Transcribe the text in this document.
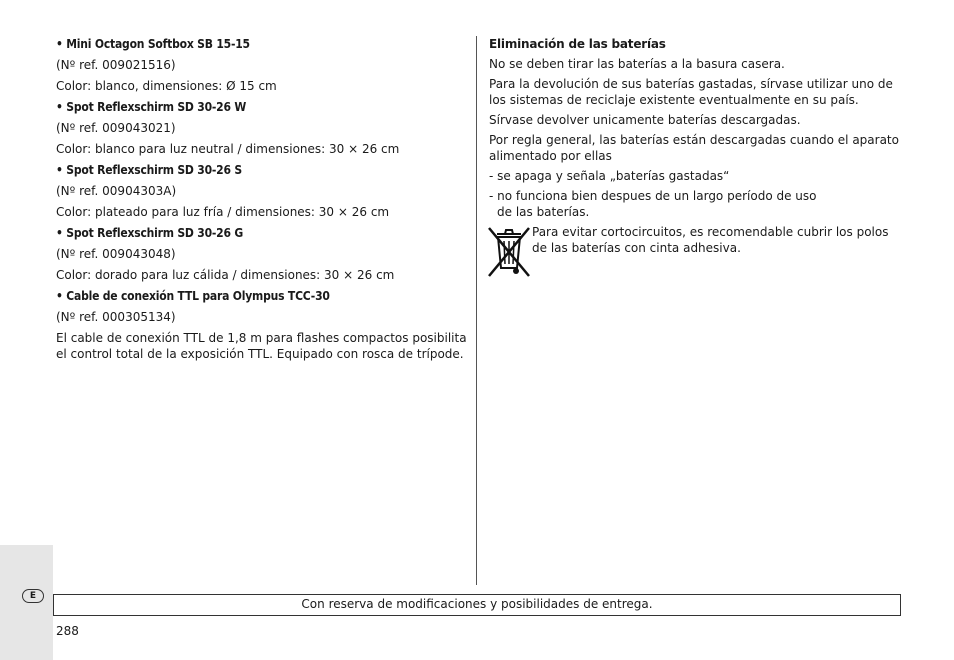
• Mini Octagon Softbox SB 15-15

(Nº ref. 009021516)

Color: blanco, dimensiones: Ø 15 cm

• Spot Reflexschirm SD 30-26 W

(Nº ref. 009043021)

Color: blanco para luz neutral / dimensiones: 30 × 26 cm

• Spot Reflexschirm SD 30-26 S

(Nº ref. 00904303A)

Color: plateado para luz fría / dimensiones: 30 × 26 cm

• Spot Reflexschirm SD 30-26 G

(Nº ref. 009043048)

Color: dorado para luz cálida / dimensiones: 30 × 26 cm

• Cable de conexión TTL para Olympus TCC-30

(Nº ref. 000305134)

El cable de conexión TTL de 1,8 m para flashes compactos posibilita

el control total de la exposición TTL. Equipado con rosca de trípode.

Eliminación de las baterías

No se deben tirar las baterías a la basura casera.

Para la devolución de sus baterías gastadas, sírvase utilizar uno de

los sistemas de reciclaje existente eventualmente en su país.

Sírvase devolver unicamente baterías descargadas.

Por regla general, las baterías están descargadas cuando el aparato

alimentado por ellas

- se apaga y señala „baterías gastadas“

- no funciona bien despues de un largo período de uso

de las baterías.

Para evitar cortocircuitos, es recomendable cubrir los polos

de las baterías con cinta adhesiva.

E
Con reserva de modificaciones y posibilidades de entrega.
288
